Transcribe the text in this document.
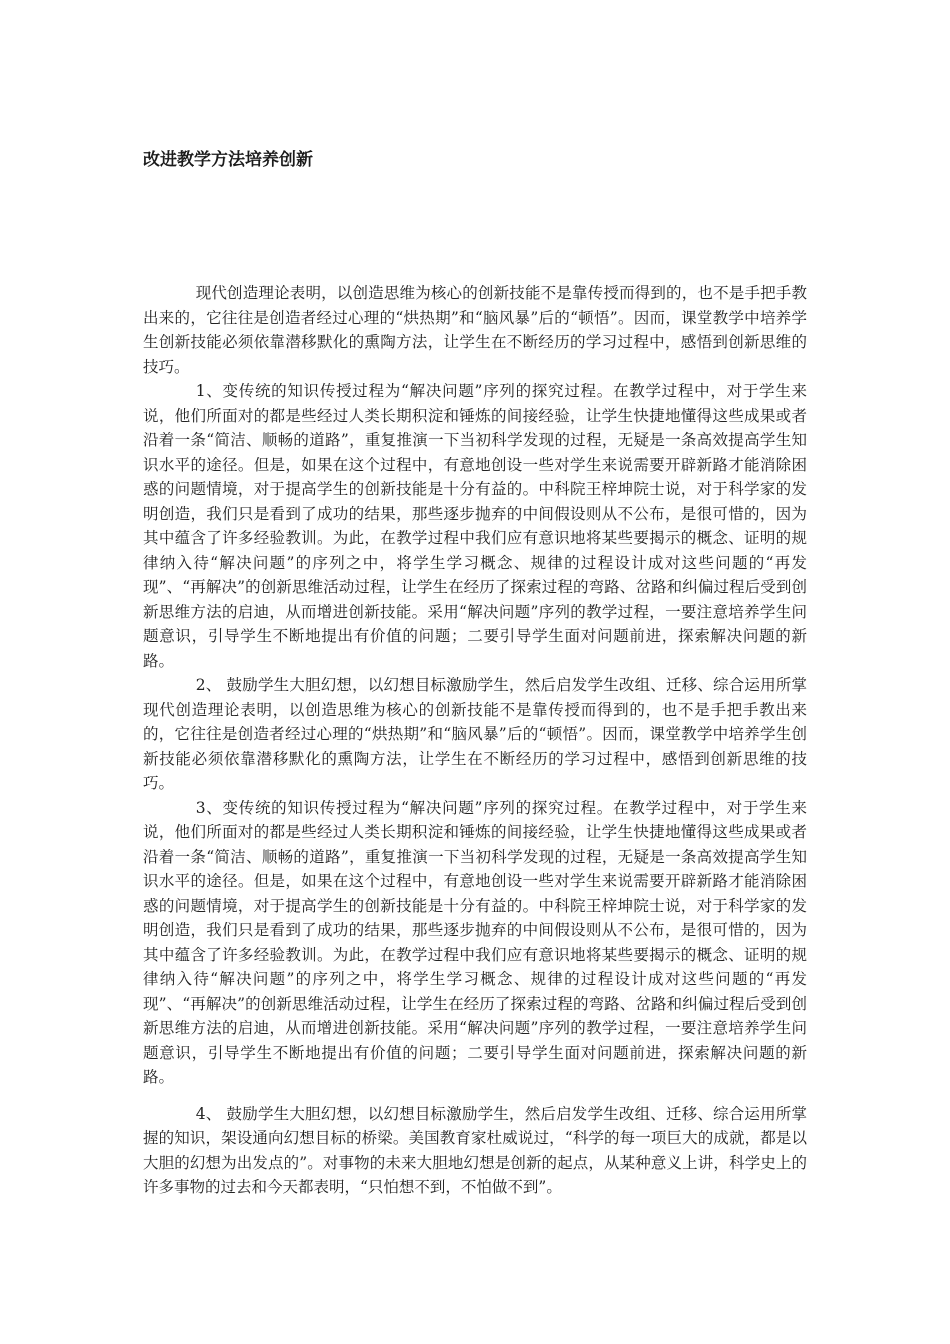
改进教学方法培养创新

现代创造理论表明，以创造思维为核心的创新技能不是靠传授而得到的，也不是手把手教出来的，它往往是创造者经过心理的“烘热期”和“脑风暴”后的“顿悟”。因而，课堂教学中培养学生创新技能必须依靠潜移默化的熏陶方法，让学生在不断经历的学习过程中，感悟到创新思维的技巧。

1、变传统的知识传授过程为“解决问题”序列的探究过程。在教学过程中，对于学生来说，他们所面对的都是些经过人类长期积淀和锤炼的间接经验，让学生快捷地懂得这些成果或者沿着一条“简洁、顺畅的道路”，重复推演一下当初科学发现的过程，无疑是一条高效提高学生知识水平的途径。但是，如果在这个过程中，有意地创设一些对学生来说需要开辟新路才能消除困惑的问题情境，对于提高学生的创新技能是十分有益的。中科院王梓坤院士说，对于科学家的发明创造，我们只是看到了成功的结果，那些逐步抛弃的中间假设则从不公布，是很可惜的，因为其中蕴含了许多经验教训。为此，在教学过程中我们应有意识地将某些要揭示的概念、证明的规律纳入待“解决问题”的序列之中，将学生学习概念、规律的过程设计成对这些问题的“再发现”、“再解决”的创新思维活动过程，让学生在经历了探索过程的弯路、岔路和纠偏过程后受到创新思维方法的启迪，从而增进创新技能。采用“解决问题”序列的教学过程，一要注意培养学生问题意识，引导学生不断地提出有价值的问题；二要引导学生面对问题前进，探索解决问题的新路。

2、 鼓励学生大胆幻想，以幻想目标激励学生，然后启发学生改组、迁移、综合运用所掌现代创造理论表明，以创造思维为核心的创新技能不是靠传授而得到的，也不是手把手教出来的，它往往是创造者经过心理的“烘热期”和“脑风暴”后的“顿悟”。因而，课堂教学中培养学生创新技能必须依靠潜移默化的熏陶方法，让学生在不断经历的学习过程中，感悟到创新思维的技巧。

3、变传统的知识传授过程为“解决问题”序列的探究过程。在教学过程中，对于学生来说，他们所面对的都是些经过人类长期积淀和锤炼的间接经验，让学生快捷地懂得这些成果或者沿着一条“简洁、顺畅的道路”，重复推演一下当初科学发现的过程，无疑是一条高效提高学生知识水平的途径。但是，如果在这个过程中，有意地创设一些对学生来说需要开辟新路才能消除困惑的问题情境，对于提高学生的创新技能是十分有益的。中科院王梓坤院士说，对于科学家的发明创造，我们只是看到了成功的结果，那些逐步抛弃的中间假设则从不公布，是很可惜的，因为其中蕴含了许多经验教训。为此，在教学过程中我们应有意识地将某些要揭示的概念、证明的规律纳入待“解决问题”的序列之中，将学生学习概念、规律的过程设计成对这些问题的“再发现”、“再解决”的创新思维活动过程，让学生在经历了探索过程的弯路、岔路和纠偏过程后受到创新思维方法的启迪，从而增进创新技能。采用“解决问题”序列的教学过程，一要注意培养学生问题意识，引导学生不断地提出有价值的问题；二要引导学生面对问题前进，探索解决问题的新路。

4、 鼓励学生大胆幻想，以幻想目标激励学生，然后启发学生改组、迁移、综合运用所掌握的知识，架设通向幻想目标的桥梁。美国教育家杜威说过，“科学的每一项巨大的成就，都是以大胆的幻想为出发点的”。对事物的未来大胆地幻想是创新的起点，从某种意义上讲，科学史上的许多事物的过去和今天都表明，“只怕想不到，不怕做不到”。
